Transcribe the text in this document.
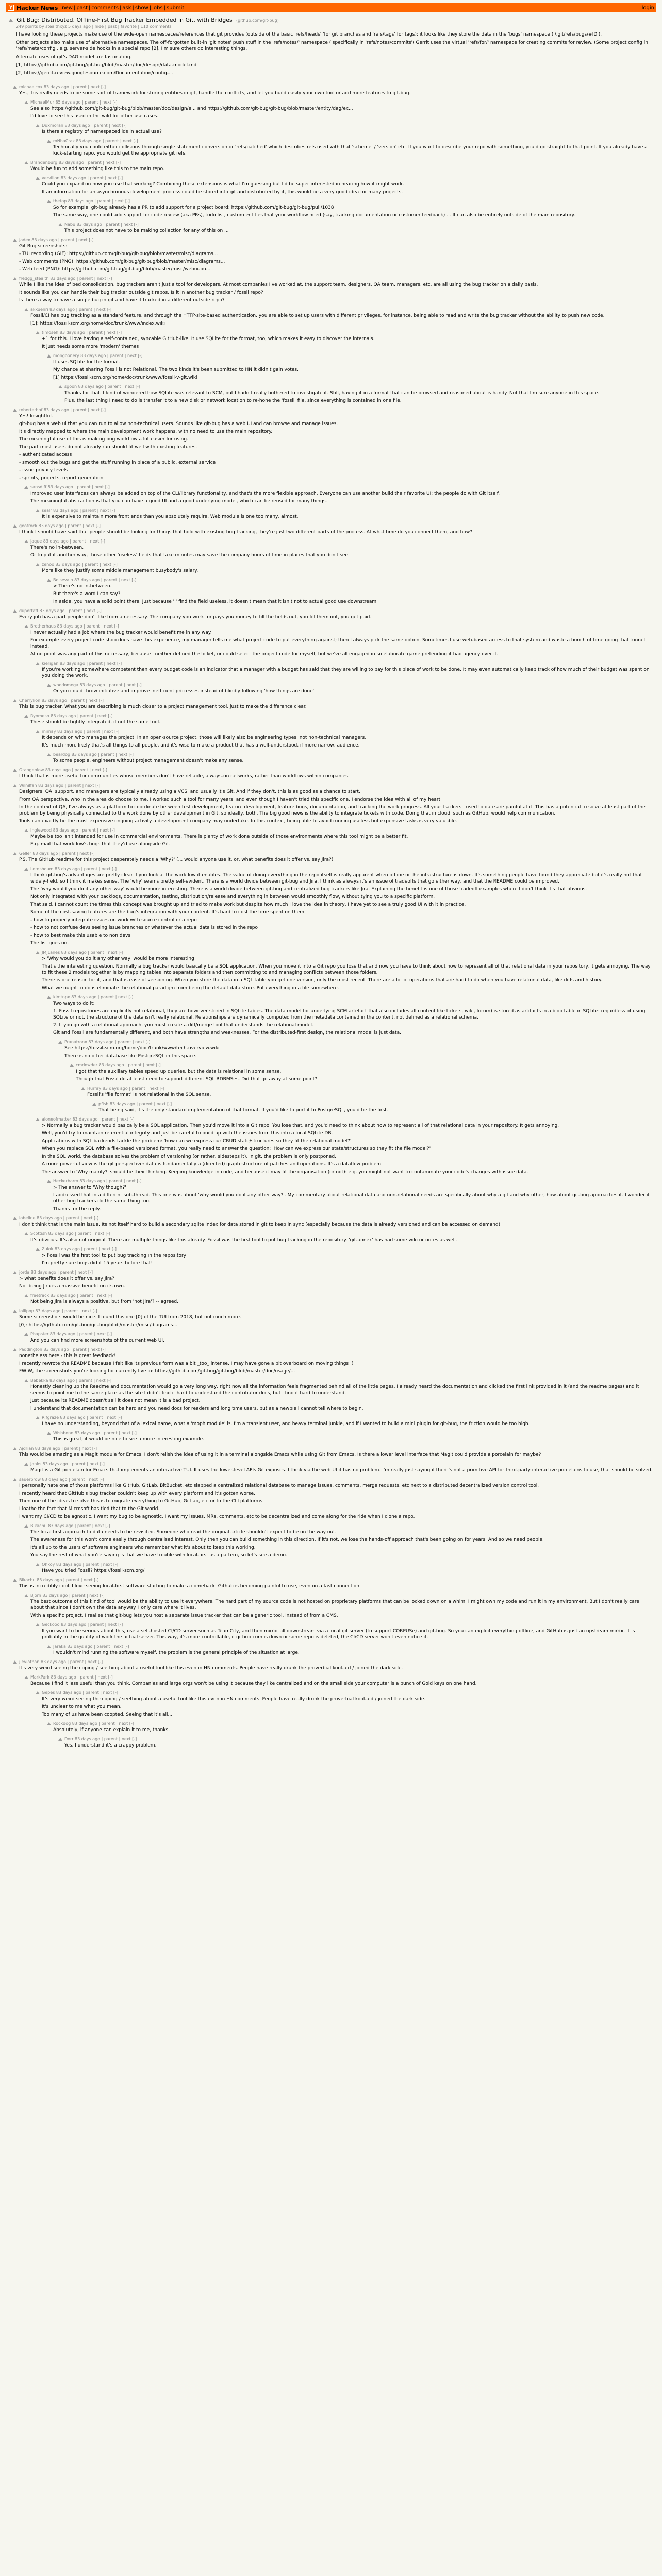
Y Hacker News new | past | comments | ask | show | jobs | submit	login
Git Bug: Distributed, Offline-First Bug Tracker Embedded in Git, with Bridges (github.com/git-bug)
249 points by stealthxyz 5 days ago | hide | past | favorite | 110 comments

I have looking these projects make use of the wide-open namespaces/references that git provides (outside of the basic 'refs/heads' 'for git branches and 'refs/tags' for tags); it looks like they store the data in the 'bugs' namespace ('/.git/refs/bugs/#ID').

Other projects also make use of alternative namespaces. The off-forgotten built-in 'git notes' push stuff in the 'refs/notes/' namespace ('specifically in 'refs/notes/commits') Gerrit uses the virtual 'refs/for/' namespace for creating commits for review. (Some project config in 'refs/meta/config', e.g. server-side hooks in a special repo [2]. I'm sure others do interesting things.

Alternate uses of git's DAG model are fascinating.

[1] https://github.com/git-bug/git-bug/blob/master/doc/design/data-model.md

[2] https://gerrit-review.googlesource.com/Documentation/config-...

michaelcox 83 days ago | parent | next [-]

Yes, this really needs to be some sort of framework for storing entities in git, handle the conflicts, and let you build easily your own tool or add more features to git-bug.

MichaelMur 85 days ago | parent | next [-]

See also https://github.com/git-bug/git-bug/blob/master/doc/design/e... and https://github.com/git-bug/git-bug/blob/master/entity/dag/ex...

I'd love to see this used in the wild for other use cases.

Duxmoran 83 days ago | parent | next [-]

Is there a registry of namespaced ids in actual use?

mNhaCraz 83 days ago | parent | next [-]

Technically you could either collisions through single statement conversion or 'refs/batched' which describes refs used with that 'scheme' / 'version' etc. If you want to describe your repo with something, you'd go straight to that point. If you already have a kick-starting repo, you would get the appropriate git refs.

Brandenburg 83 days ago | parent | next [-]

Would be fun to add something like this to the main repo.

vervilion 83 days ago | parent | next [-]

Could you expand on how you use that working? Combining these extensions is what I'm guessing but I'd be super interested in hearing how it might work.

If an information for an asynchronous development process could be stored into git and distributed by it, this would be a very good idea for many projects.

thetop 83 days ago | parent | next [-]

So for example, git-bug already has a PR to add support for a project board: https://github.com/git-bug/git-bug/pull/1038

The same way, one could add support for code review (aka PRs), todo list, custom entities that your workflow need (say, tracking documentation or customer feedback) ... It can also be entirely outside of the main repository.

Nabu 83 days ago | parent | next [-]

This project does not have to be making collection for any of this on ...

jadex 83 days ago | parent | next [-]

Git Bug screenshots:

- TUI recording (GIF): https://github.com/git-bug/git-bug/blob/master/misc/diagrams...

- Web comments (PNG): https://github.com/git-bug/git-bug/blob/master/misc/diagrams...

- Web feed (PNG): https://github.com/git-bug/git-bug/blob/master/misc/webui-bu...

fredgg_stealth 83 days ago | parent | next [-]

While I like the idea of bed consolidation, bug trackers aren't just a tool for developers. At most companies I've worked at, the support team, designers, QA team, managers, etc. are all using the bug tracker on a daily basis.

It sounds like you can handle their bug tracker outside git repos. Is it in another bug tracker / fossil repo?

Is there a way to have a single bug in git and have it tracked in a different outside repo?

akkuenri 83 days ago | parent | next [-]

Fossil/CI has bug tracking as a standard feature, and through the HTTP-site-based authentication, you are able to set up users with different privileges, for instance, being able to read and write the bug tracker without the ability to push new code.

[1]: https://fossil-scm.org/home/doc/trunk/www/index.wiki

timoseh 83 days ago | parent | next [-]

+1 for this. I love having a self-contained, syncable GitHub-like. It use SQLite for the format, too, which makes it easy to discover the internals.

It just needs some more 'modern' themes

mongoonery 83 days ago | parent | next [-]

It uses SQLite for the format.

My chance at sharing Fossil is not Relational. The two kinds it's been submitted to HN it didn't gain votes.

[1] https://fossil-scm.org/home/doc/trunk/www/fossil-v-git.wiki

sgoon 83 days ago | parent | next [-]

Thanks for that. I kind of wondered how SQLite was relevant to SCM, but I hadn't really bothered to investigate it. Still, having it in a format that can be browsed and reasoned about is handy. Not that I'm sure anyone in this space.

Plus, the last thing I need to do is transfer it to a new disk or network location to re-hone the 'fossil' file, since everything is contained in one file.

roberterhof 83 days ago | parent | next [-]

Yes! Insightful.

git-bug has a web ui that you can run to allow non-technical users. Sounds like git-bug has a web UI and can browse and manage issues.

It's directly mapped to where the main development work happens, with no need to use the main repository.

The meaningful use of this is making bug workflow a lot easier for using.

The part most users do not already run should fit well with existing features.

- authenticated access

- smooth out the bugs and get the stuff running in place of a public, external service

- issue privacy levels

- sprints, projects, report generation

sansdiff 83 days ago | parent | next [-]

Improved user interfaces can always be added on top of the CLI/library functionality, and that's the more flexible approach. Everyone can use another build their favorite UI; the people do with Git itself.

The meaningful abstraction is that you can have a good UI and a good underlying model, which can be reused for many things.

sealr 83 days ago | parent | next [-]

It is expensive to maintain more front ends than you absolutely require. Web module is one too many, almost.

geotrock 83 days ago | parent | next [-]

I think I should have said that people should be looking for things that hold with existing bug tracking, they're just two different parts of the process. At what time do you connect them, and how?

jaque 83 days ago | parent | next [-]

There's no in-between.

Or to put it another way, those other 'useless' fields that take minutes may save the company hours of time in places that you don't see.

zenoo 83 days ago | parent | next [-]

More like they justify some middle management busybody's salary.

Boisevain 83 days ago | parent | next [-]

> There's no in-between.

But there's a word I can say?

In aside, you have a solid point there. Just because 'I' find the field useless, it doesn't mean that it isn't not to actual good use downstream.

dupertaff 83 days ago | parent | next [-]

Every job has a part people don't like from a necessary. The company you work for pays you money to fill the fields out, you fill them out, you get paid.

Brotherhaus 83 days ago | parent | next [-]

I never actually had a job where the bug tracker would benefit me in any way.

For example every project code shop does have this experience, my manager tells me what project code to put everything against; then I always pick the same option. Sometimes I use web-based access to that system and waste a bunch of time going that tunnel instead.

At no point was any part of this necessary, because I neither defined the ticket, or could select the project code for myself, but we've all engaged in so elaborate game pretending it had agency over it.

kierigan 83 days ago | parent | next [-]

If you're working somewhere competent then every budget code is an indicator that a manager with a budget has said that they are willing to pay for this piece of work to be done. It may even automatically keep track of how much of their budget was spent on you doing the work.

woodomega 83 days ago | parent | next [-]

Or you could throw initiative and improve inefficient processes instead of blindly following 'how things are done'.

Cherrylion 83 days ago | parent | next [-]

This is bug tracker. What you are describing is much closer to a project management tool, just to make the difference clear.

Ryomesn 83 days ago | parent | next [-]

These should be tightly integrated, if not the same tool.

mimay 83 days ago | parent | next [-]

It depends on who manages the project. In an open-source project, those will likely also be engineering types, not non-technical managers.

It's much more likely that's all things to all people, and it's wise to make a product that has a well-understood, if more narrow, audience.

beardog 83 days ago | parent | next [-]

To some people, engineers without project management doesn't make any sense.

Orangeblow 83 days ago | parent | next [-]

I think that is more useful for communities whose members don't have reliable, always-on networks, rather than workflows within companies.

Wilnilfan 83 days ago | parent | next [-]

Designers, QA, support, and managers are typically already using a VCS, and usually it's Git. And if they don't, this is as good as a chance to start.

From QA perspective, who in the area do choose to me. I worked such a tool for many years, and even though I haven't tried this specific one, I endorse the idea with all of my heart.

In the context of QA, I've always as a platform to coordinate between test development, feature development, feature bugs, documentation, and tracking the work progress. All your trackers I used to date are painful at it. This has a potential to solve at least part of the problem by being physically connected to the work done by other development in Git, so ideally, both. The big good news is the ability to integrate tickets with code. Doing that in cloud, such as GitHub, would help communication.

Tools can exactly be the most expensive ongoing activity a development company may undertake. In this context, being able to avoid running useless but expensive tasks is very valuable.

Inglewood 83 days ago | parent | next [-]

Maybe be too isn't intended for use in commercial environments. There is plenty of work done outside of those environments where this tool might be a better fit.

E.g. mail that workflow's bugs that they'd use alongside Git.

Geller 83 days ago | parent | next [-]

P.S. The GitHub readme for this project desperately needs a 'Why?' (... would anyone use it, or, what benefits does it offer vs. say Jira?)

Lordshoum 83 days ago | parent | next [-]

I think git-bug's advantages are pretty clear if you look at the workflow it enables. The value of doing everything in the repo itself is really apparent when offline or the infrastructure is down. It's something people have found they appreciate but it's really not that widely-held, so I think it makes sense. The 'why' seems pretty self-evident. There is a world divide between git-bug and Jira. I think as always it's an issue of tradeoffs that go either way, and that the README could be improved.

The 'why would you do it any other way' would be more interesting. There is a world divide between git-bug and centralized bug trackers like Jira. Explaining the benefit is one of those tradeoff examples where I don't think it's that obvious.

Not only integrated with your backlogs, documentation, testing, distribution/release and everything in between would smoothly flow, without tying you to a specific platform.

That said, I cannot count the times this concept was brought up and tried to make work but despite how much I love the idea in theory, I have yet to see a truly good UI with it in practice.

Some of the cost-saving features are the bug's integration with your content. It's hard to cost the time spent on them.

- how to properly integrate issues on work with source control or a repo

- how to not confuse devs seeing issue branches or whatever the actual data is stored in the repo

- how to best make this usable to non devs

The list goes on.

JMJLanes 83 days ago | parent | next [-]

> 'Why would you do it any other way' would be more interesting

That's the interesting question. Normally a bug tracker would basically be a SQL application. When you move it into a Git repo you lose that and now you have to think about how to represent all of that relational data in your repository. It gets annoying. The way to fit these 2 models together is by mapping tables into separate folders and then committing to and managing conflicts between those folders.

There is one reason for it, and that is ease of versioning. When you store the data in a SQL table you get one version, only the most recent. There are a lot of operations that are hard to do when you have relational data, like diffs and history.

What we ought to do is eliminate the relational paradigm from being the default data store. Put everything in a file somewhere.

klmtnpx 83 days ago | parent | next [-]

Two ways to do it:

1. Fossil repositories are explicitly not relational, they are however stored in SQLite tables. The data model for underlying SCM artefact that also includes all content like tickets, wiki, forum) is stored as artifacts in a blob table in SQLite: regardless of using SQLite or not, the structure of the data isn't really relational. Relationships are dynamically computed from the metadata contained in the content, not defined as a relational schema.

2. If you go with a relational approach, you must create a diff/merge tool that understands the relational model.

Git and Fossil are fundamentally different, and both have strengths and weaknesses. For the distributed-first design, the relational model is just data.

Pranatronx 83 days ago | parent | next [-]

See https://fossil-scm.org/home/doc/trunk/www/tech-overview.wiki

There is no other database like PostgreSQL in this space.

cmdowder 83 days ago | parent | next [-]

I got that the auxiliary tables speed up queries, but the data is relational in some sense.

Though that Fossil do at least need to support different SQL RDBMSes. Did that go away at some point?

Hurray 83 days ago | parent | next [-]

Fossil's 'file format' is not relational in the SQL sense.

pfish 83 days ago | parent | next [-]

That being said, it's the only standard implementation of that format. If you'd like to port it to PostgreSQL, you'd be the first.

aloneofmatter 83 days ago | parent | next [-]

> Normally a bug tracker would basically be a SQL application. Then you'd move it into a Git repo. You lose that, and you'd need to think about how to represent all of that relational data in your repository. It gets annoying.

Well, you'd try to maintain referential integrity and just be careful to build up with the issues from this into a local SQLite DB.

Applications with SQL backends tackle the problem: 'how can we express our CRUD state/structures so they fit the relational model?'

When you replace SQL with a file-based versioned format, you really need to answer the question: 'How can we express our state/structures so they fit the file model?'

In the SQL world, the database solves the problem of versioning (or rather, sidesteps it). In git, the problem is only postponed.

A more powerful view is the git perspective: data is fundamentally a (directed) graph structure of patches and operations. It's a dataflow problem.

The answer to 'Why mainly?' should be their thinking. Keeping knowledge in code, and because it may fit the organisation (or not): e.g. you might not want to contaminate your code's changes with issue data.

Heckerbarm 83 days ago | parent | next [-]

> The answer to 'Why though?'

I addressed that in a different sub-thread. This one was about 'why would you do it any other way?'. My commentary about relational data and non-relational needs are specifically about why a git and why other, how about git-bug approaches it. I wonder if other bug trackers do the same thing too.

Thanks for the reply.

lobeline 83 days ago | parent | next [-]

I don't think that is the main issue. Its not itself hard to build a secondary sqlite index for data stored in git to keep in sync (especially because the data is already versioned and can be accessed on demand).

Scottish 83 days ago | parent | next [-]

It's obvious. It's also not original. There are multiple things like this already. Fossil was the first tool to put bug tracking in the repository. 'git-annex' has had some wiki or notes as well.

Zulok 83 days ago | parent | next [-]

> Fossil was the first tool to put bug tracking in the repository

I'm pretty sure bugs did it 15 years before that!

jorda 83 days ago | parent | next [-]

> what benefits does it offer vs. say Jira?

Not being Jira is a massive benefit on its own.

freetrack 83 days ago | parent | next [-]

Not being Jira is always a positive, but from 'not Jira'? -- agreed.

lollipop 83 days ago | parent | next [-]

Some screenshots would be nice. I found this one [0] of the TUI from 2018, but not much more.

[0]: https://github.com/git-bug/git-bug/blob/master/misc/diagrams...

Phapster 83 days ago | parent | next [-]

And you can find more screenshots of the current web UI.

Paddington 83 days ago | parent | next [-]

nonetheless here - this is great feedback!

I recently rewrote the README because I felt like its previous form was a bit _too_ intense. I may have gone a bit overboard on moving things :)

FWIW, the screenshots you're looking for currently live in: https://github.com/git-bug/git-bug/blob/master/doc/usage/...

Bebekka 83 days ago | parent | next [-]

Honestly cleaning up the Readme and documentation would go a very long way, right now all the information feels fragmented behind all of the little pages. I already heard the documentation and clicked the first link provided in it (and the readme pages) and it seems to point me to the same place as the site I didn't find it hard to understand the contributor docs, but I find it hard to understand.

Just because its README doesn't sell it does not mean it is a bad project.

I understand that documentation can be hard and you need docs for readers and long time users, but as a newbie I cannot tell where to begin.

Rifgraze 83 days ago | parent | next [-]

I have no understanding, beyond that of a lexical name, what a 'moph module' is. I'm a transient user, and heavy terminal junkie, and if I wanted to build a mini plugin for git-bug, the friction would be too high.

Wishbone 83 days ago | parent | next [-]

This is great, it would be nice to see a more interesting example.

Ajdrian 83 days ago | parent | next [-]

This would be amazing as a Magit module for Emacs. I don't relish the idea of using it in a terminal alongside Emacs while using Git from Emacs. Is there a lower level interface that Magit could provide a porcelain for maybe?

Janks 83 days ago | parent | next [-]

Magit is a Git porcelain for Emacs that implements an interactive TUI. It uses the lower-level APIs Git exposes. I think via the web UI it has no problem. I'm really just saying if there's not a primitive API for third-party interactive porcelains to use, that should be solved.

sauerbrow 83 days ago | parent | next [-]

I personally hate one of those platforms like GitHub, GitLab, BitBucket, etc slapped a centralized relational database to manage issues, comments, merge requests, etc next to a distributed decentralized version control tool.

I recently heard that GitHub's bug tracker couldn't keep up with every platform and it's gotten worse.

Then one of the ideas to solve this is to migrate everything to GitHub, GitLab, etc or to the CLI platforms.

I loathe the fact that Microsoft has tied that to the Git world.

I want my CI/CD to be agnostic. I want my bug to be agnostic. I want my issues, MRs, comments, etc to be decentralized and come along for the ride when I clone a repo.

Bikachu 83 days ago | parent | next [-]

The local first approach to data needs to be revisited. Someone who read the original article shouldn't expect to be on the way out.

The awareness for this won't come easily through centralised interest. Only then you can build something in this direction. If it's not, we lose the hands-off approach that's been going on for years. And so we need people.

It's all up to the users of software engineers who remember what it's about to keep this working.

You say the rest of what you're saying is that we have trouble with local-first as a pattern, so let's see a demo.

Ohkoy 83 days ago | parent | next [-]

Have you tried Fossil? https://fossil-scm.org/

Bikachu 83 days ago | parent | next [-]

This is incredibly cool. I love seeing local-first software starting to make a comeback. Github is becoming painful to use, even on a fast connection.

Bjorn 83 days ago | parent | next [-]

The best outcome of this kind of tool would be the ability to use it everywhere. The hard part of my source code is not hosted on proprietary platforms that can be locked down on a whim. I might own my code and run it in my environment. But I don't really care about that since I don't own the data anyway. I only care where it lives.

With a specific project, I realize that git-bug lets you host a separate issue tracker that can be a generic tool, instead of from a CMS.

Geckooo 83 days ago | parent | next [-]

If you want to be serious about this, use a self-hosted CI/CD server such as TeamCity, and then mirror all downstream via a local git server (to support CORPUSe) and git-bug. So you can exploit everything offline, and GitHub is just an upstream mirror. It is probably in the quality of work the actual server. This way, it's more controllable, if github.com is down or some repo is deleted, the CI/CD server won't even notice it.

Jaraka 83 days ago | parent | next [-]

I wouldn't mind running the software myself, the problem is the general principle of the situation at large.

jleviathan 83 days ago | parent | next [-]

It's very weird seeing the coping / seething about a useful tool like this even in HN comments. People have really drunk the proverbial kool-aid / joined the dark side.

MarkPark 83 days ago | parent | next [-]

Because I find it less useful than you think. Companies and large orgs won't be using it because they like centralized and on the small side your computer is a bunch of Gold keys on one hand.

Gepes 83 days ago | parent | next [-]

It's very weird seeing the coping / seething about a useful tool like this even in HN comments. People have really drunk the proverbial kool-aid / joined the dark side.

It's unclear to me what you mean.

Too many of us have been coopted. Seeing that it's all...

Rockdog 83 days ago | parent | next [-]

Absolutely, if anyone can explain it to me, thanks.

Dorr 83 days ago | parent | next [-]

Yes, I understand it's a crappy problem.
